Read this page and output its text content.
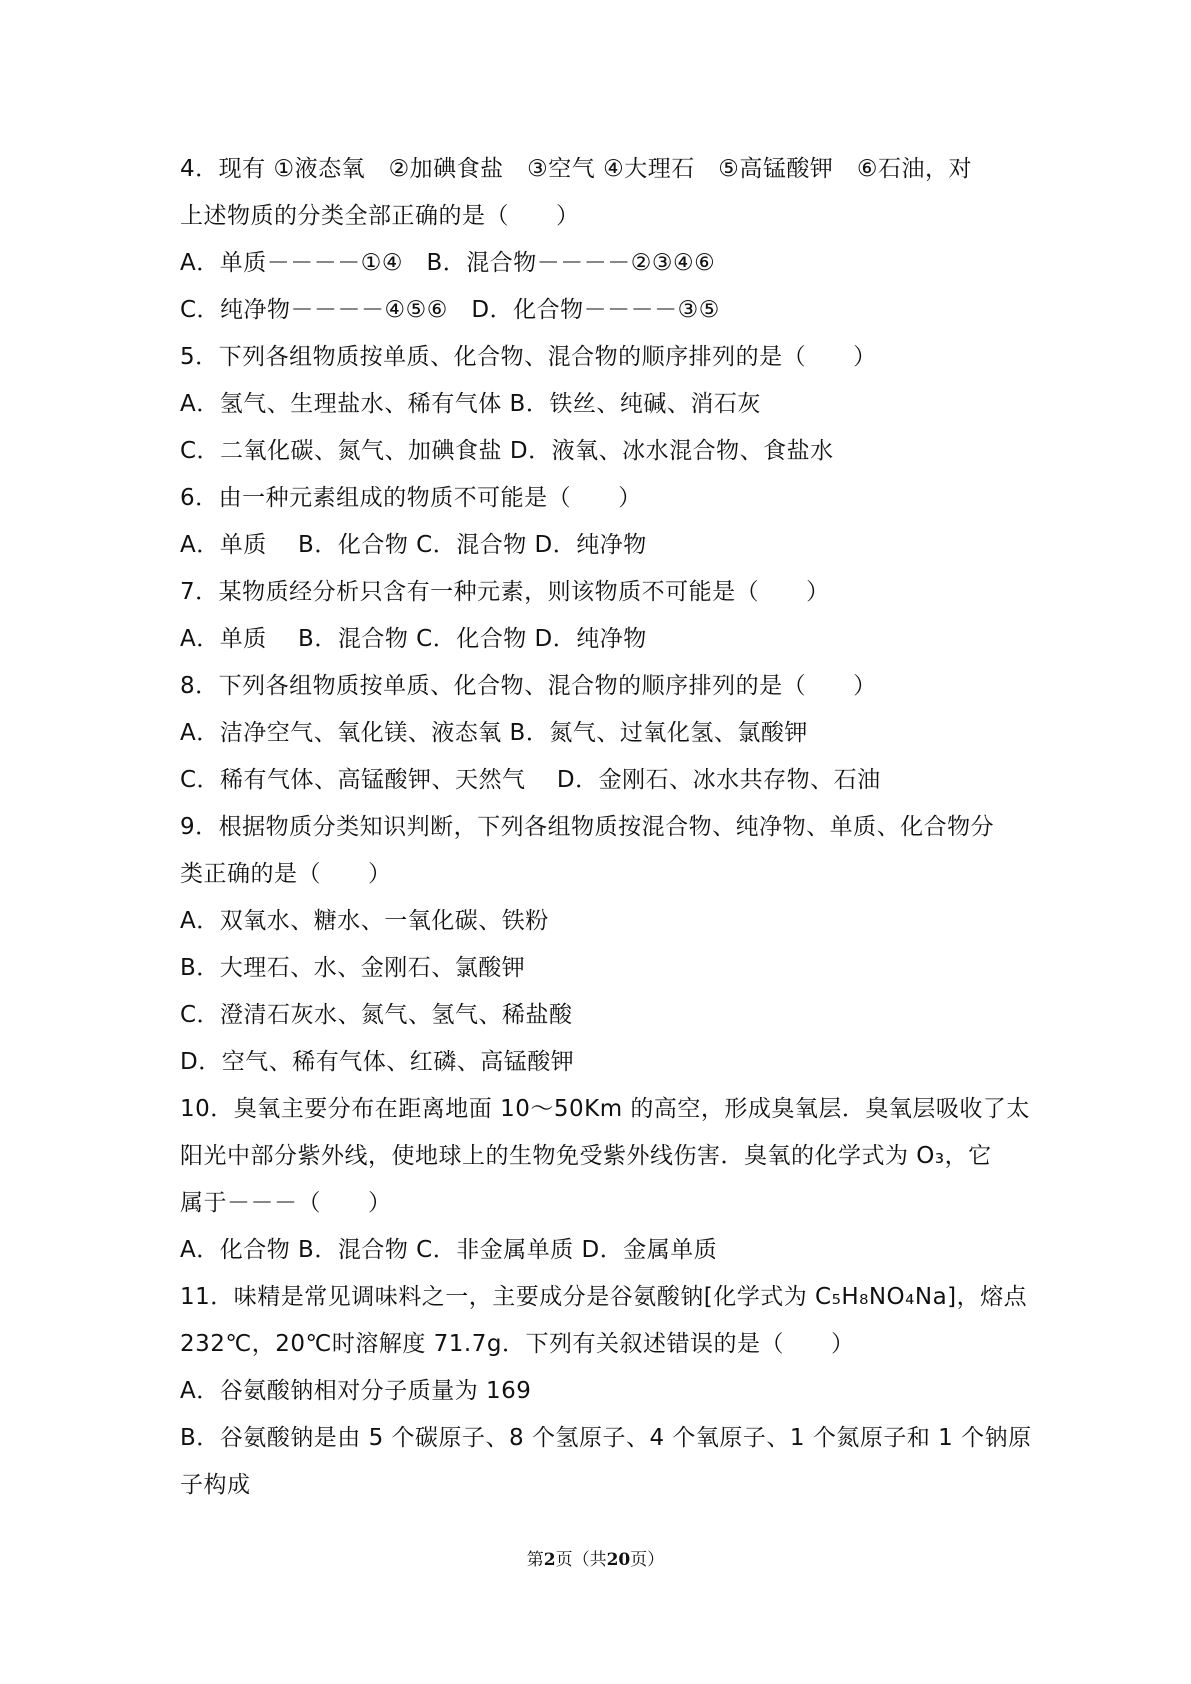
4．现有 ①液态氧　②加碘食盐　③空气 ④大理石　⑤高锰酸钾　⑥石油，对
上述物质的分类全部正确的是（　　）
A．单质－－－－①④　B．混合物－－－－②③④⑥
C．纯净物－－－－④⑤⑥　D．化合物－－－－③⑤
5．下列各组物质按单质、化合物、混合物的顺序排列的是（　　）
A．氢气、生理盐水、稀有气体 B．铁丝、纯碱、消石灰
C．二氧化碳、氮气、加碘食盐 D．液氧、冰水混合物、食盐水
6．由一种元素组成的物质不可能是（　　）
A．单质　 B．化合物 C．混合物 D．纯净物
7．某物质经分析只含有一种元素，则该物质不可能是（　　）
A．单质　 B．混合物 C．化合物 D．纯净物
8．下列各组物质按单质、化合物、混合物的顺序排列的是（　　）
A．洁净空气、氧化镁、液态氧 B．氮气、过氧化氢、氯酸钾
C．稀有气体、高锰酸钾、天然气　 D．金刚石、冰水共存物、石油
9．根据物质分类知识判断，下列各组物质按混合物、纯净物、单质、化合物分
类正确的是（　　）
A．双氧水、糖水、一氧化碳、铁粉
B．大理石、水、金刚石、氯酸钾
C．澄清石灰水、氮气、氢气、稀盐酸
D．空气、稀有气体、红磷、高锰酸钾
10．臭氧主要分布在距离地面 10～50Km 的高空，形成臭氧层．臭氧层吸收了太
阳光中部分紫外线，使地球上的生物免受紫外线伤害．臭氧的化学式为 O₃，它
属于－－－（　　）
A．化合物 B．混合物 C．非金属单质 D．金属单质
11．味精是常见调味料之一，主要成分是谷氨酸钠[化学式为 C₅H₈NO₄Na]，熔点
232℃，20℃时溶解度 71.7g．下列有关叙述错误的是（　　）
A．谷氨酸钠相对分子质量为 169
B．谷氨酸钠是由 5 个碳原子、8 个氢原子、4 个氧原子、1 个氮原子和 1 个钠原
子构成
第2页（共20页）
